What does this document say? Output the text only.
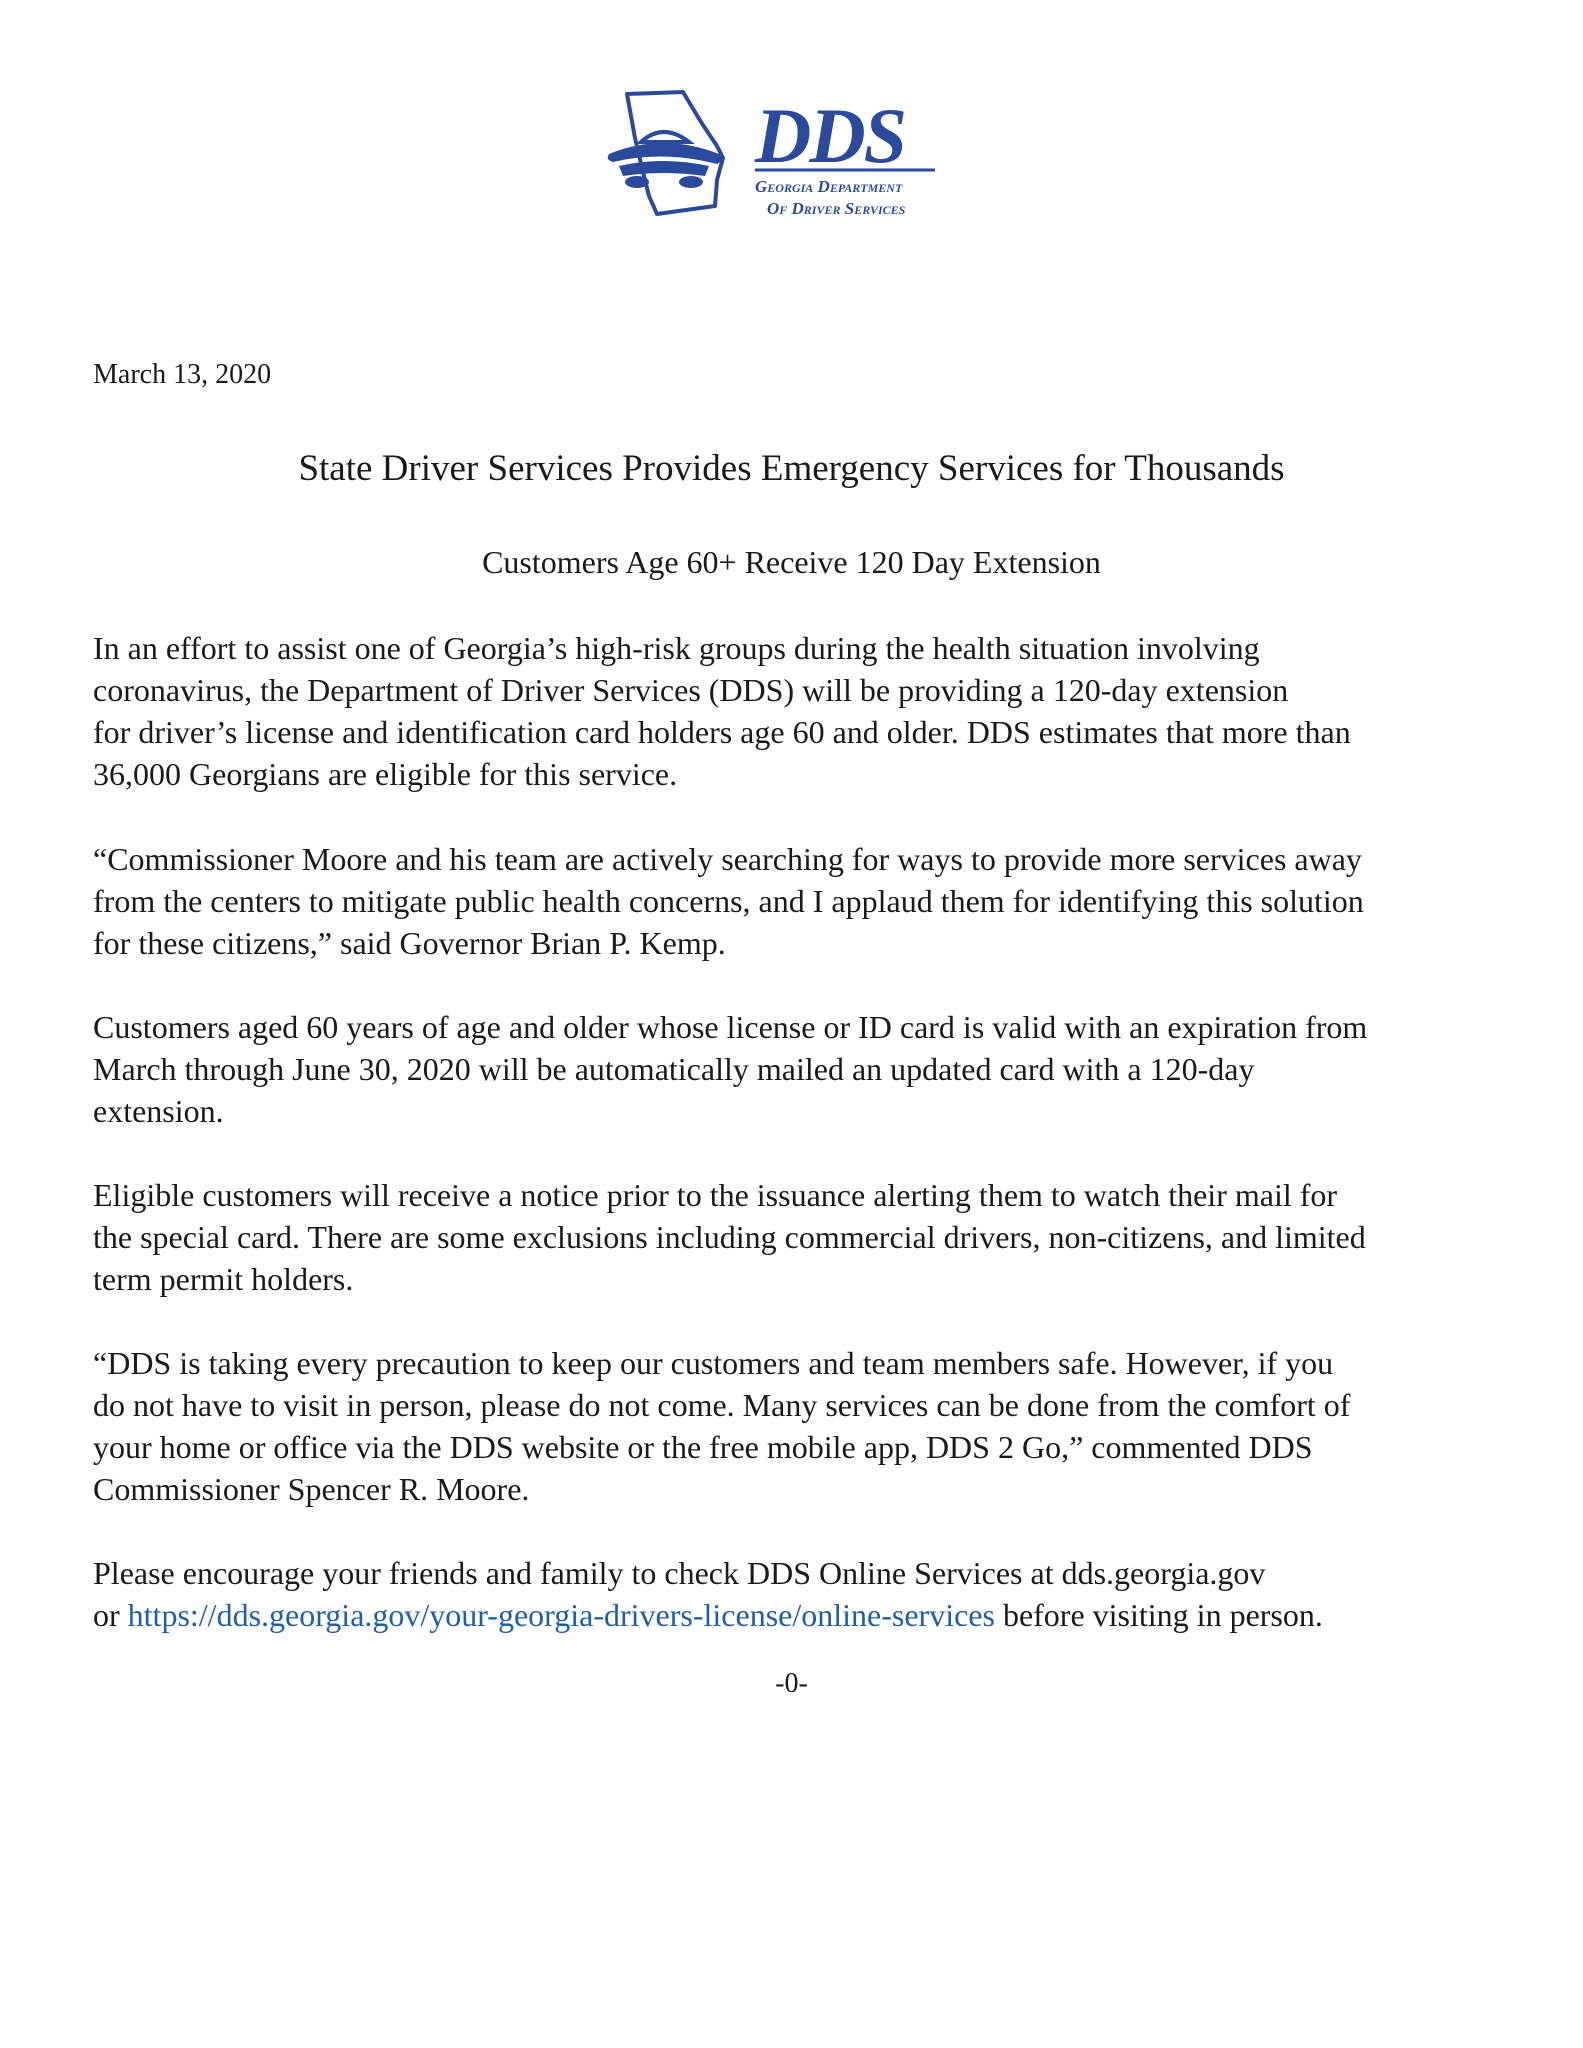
DDS
Georgia Department
Of Driver Services
March 13, 2020
State Driver Services Provides Emergency Services for Thousands
Customers Age 60+ Receive 120 Day Extension
In an effort to assist one of Georgia’s high-risk groups during the health situation involving
coronavirus, the Department of Driver Services (DDS) will be providing a 120-day extension
for driver’s license and identification card holders age 60 and older. DDS estimates that more than
36,000 Georgians are eligible for this service.
“Commissioner Moore and his team are actively searching for ways to provide more services away
from the centers to mitigate public health concerns, and I applaud them for identifying this solution
for these citizens,” said Governor Brian P. Kemp.
Customers aged 60 years of age and older whose license or ID card is valid with an expiration from
March through June 30, 2020 will be automatically mailed an updated card with a 120-day
extension.
Eligible customers will receive a notice prior to the issuance alerting them to watch their mail for
the special card. There are some exclusions including commercial drivers, non-citizens, and limited
term permit holders.
“DDS is taking every precaution to keep our customers and team members safe. However, if you
do not have to visit in person, please do not come. Many services can be done from the comfort of
your home or office via the DDS website or the free mobile app, DDS 2 Go,” commented DDS
Commissioner Spencer R. Moore.
Please encourage your friends and family to check DDS Online Services at dds.georgia.gov
or https://dds.georgia.gov/your-georgia-drivers-license/online-services before visiting in person.
-0-
